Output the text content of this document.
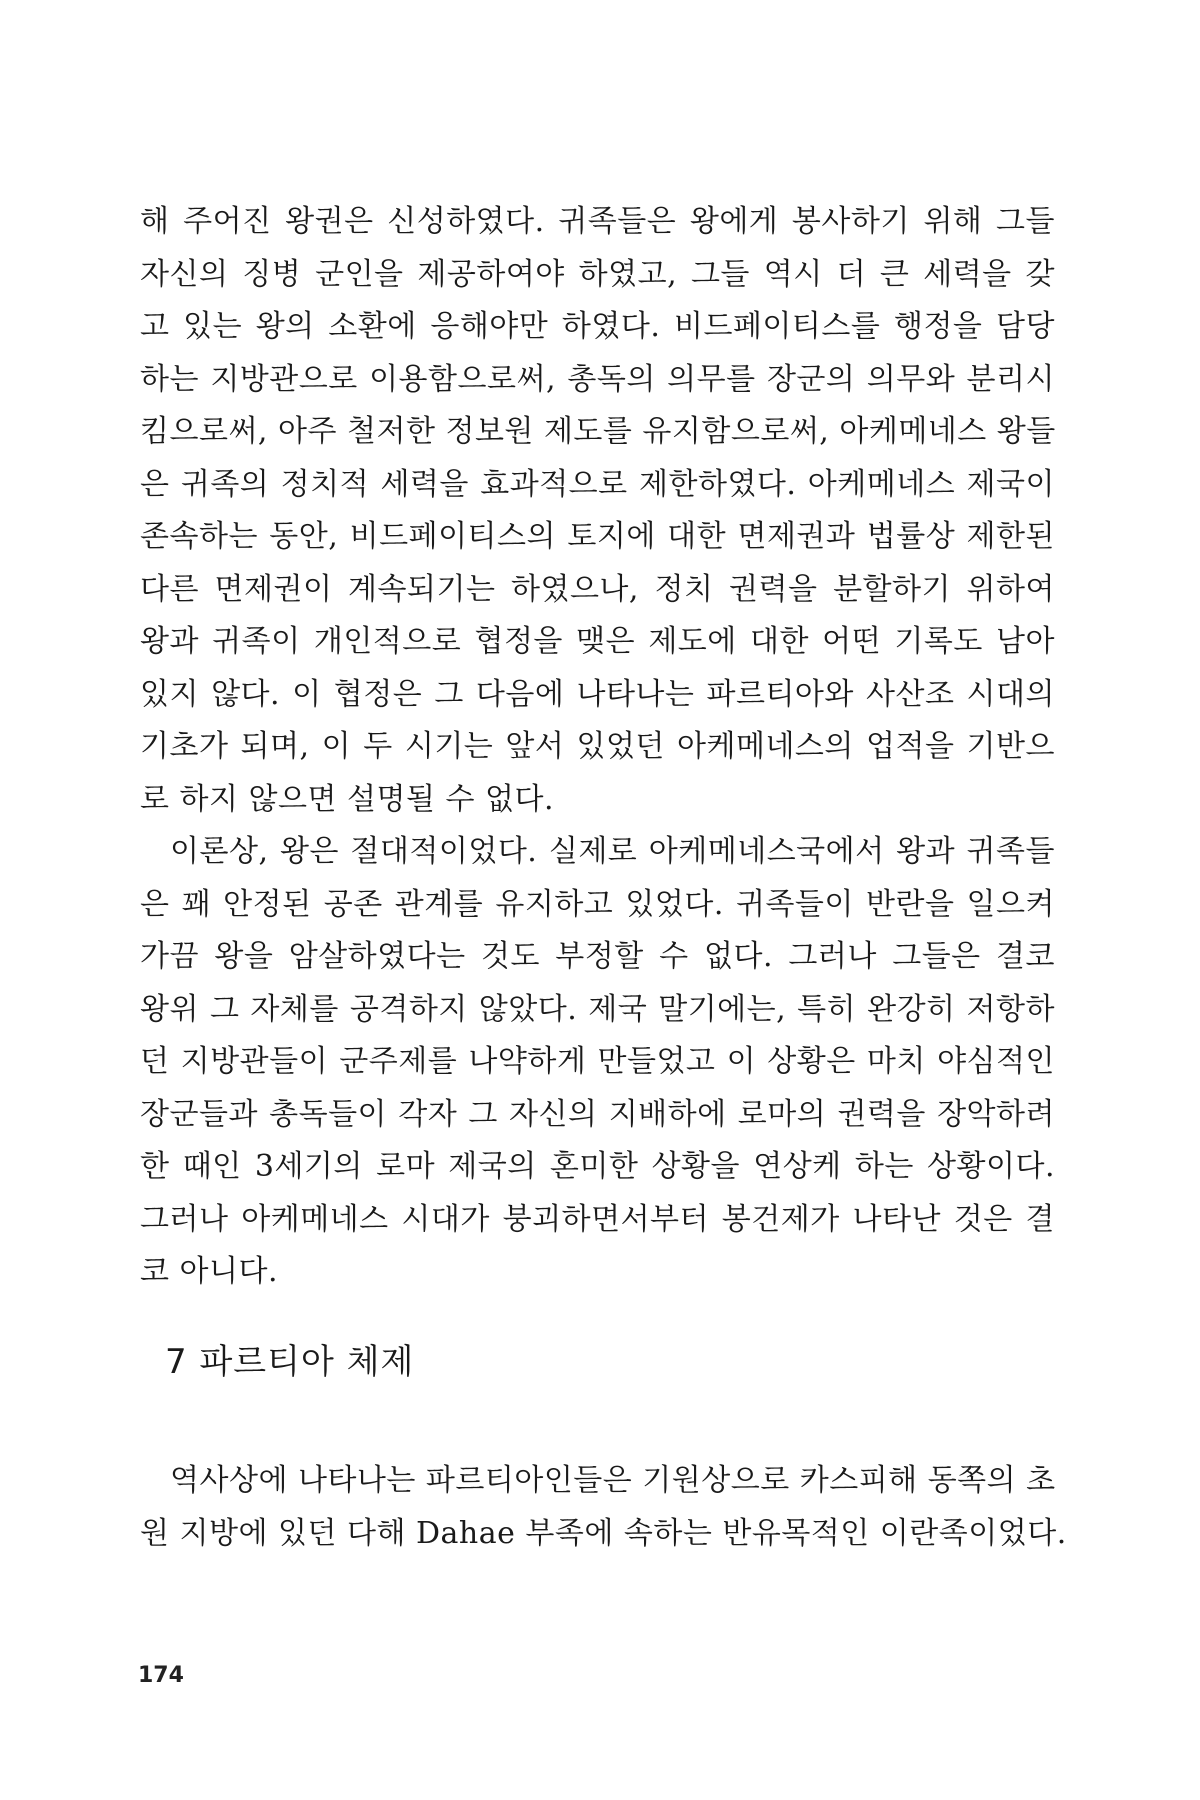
해 주어진 왕권은 신성하였다. 귀족들은 왕에게 봉사하기 위해 그들
자신의 징병 군인을 제공하여야 하였고, 그들 역시 더 큰 세력을 갖
고 있는 왕의 소환에 응해야만 하였다. 비드페이티스를 행정을 담당
하는 지방관으로 이용함으로써, 총독의 의무를 장군의 의무와 분리시
킴으로써, 아주 철저한 정보원 제도를 유지함으로써, 아케메네스 왕들
은 귀족의 정치적 세력을 효과적으로 제한하였다. 아케메네스 제국이
존속하는 동안, 비드페이티스의 토지에 대한 면제권과 법률상 제한된
다른 면제권이 계속되기는 하였으나, 정치 권력을 분할하기 위하여
왕과 귀족이 개인적으로 협정을 맺은 제도에 대한 어떤 기록도 남아
있지 않다. 이 협정은 그 다음에 나타나는 파르티아와 사산조 시대의
기초가 되며, 이 두 시기는 앞서 있었던 아케메네스의 업적을 기반으
로 하지 않으면 설명될 수 없다.
이론상, 왕은 절대적이었다. 실제로 아케메네스국에서 왕과 귀족들
은 꽤 안정된 공존 관계를 유지하고 있었다. 귀족들이 반란을 일으켜
가끔 왕을 암살하였다는 것도 부정할 수 없다. 그러나 그들은 결코
왕위 그 자체를 공격하지 않았다. 제국 말기에는, 특히 완강히 저항하
던 지방관들이 군주제를 나약하게 만들었고 이 상황은 마치 야심적인
장군들과 총독들이 각자 그 자신의 지배하에 로마의 권력을 장악하려
한 때인 3세기의 로마 제국의 혼미한 상황을 연상케 하는 상황이다.
그러나 아케메네스 시대가 붕괴하면서부터 봉건제가 나타난 것은 결
코 아니다.
7 파르티아 체제
역사상에 나타나는 파르티아인들은 기원상으로 카스피해 동쪽의 초
원 지방에 있던 다해 Dahae 부족에 속하는 반유목적인 이란족이었다.
174
